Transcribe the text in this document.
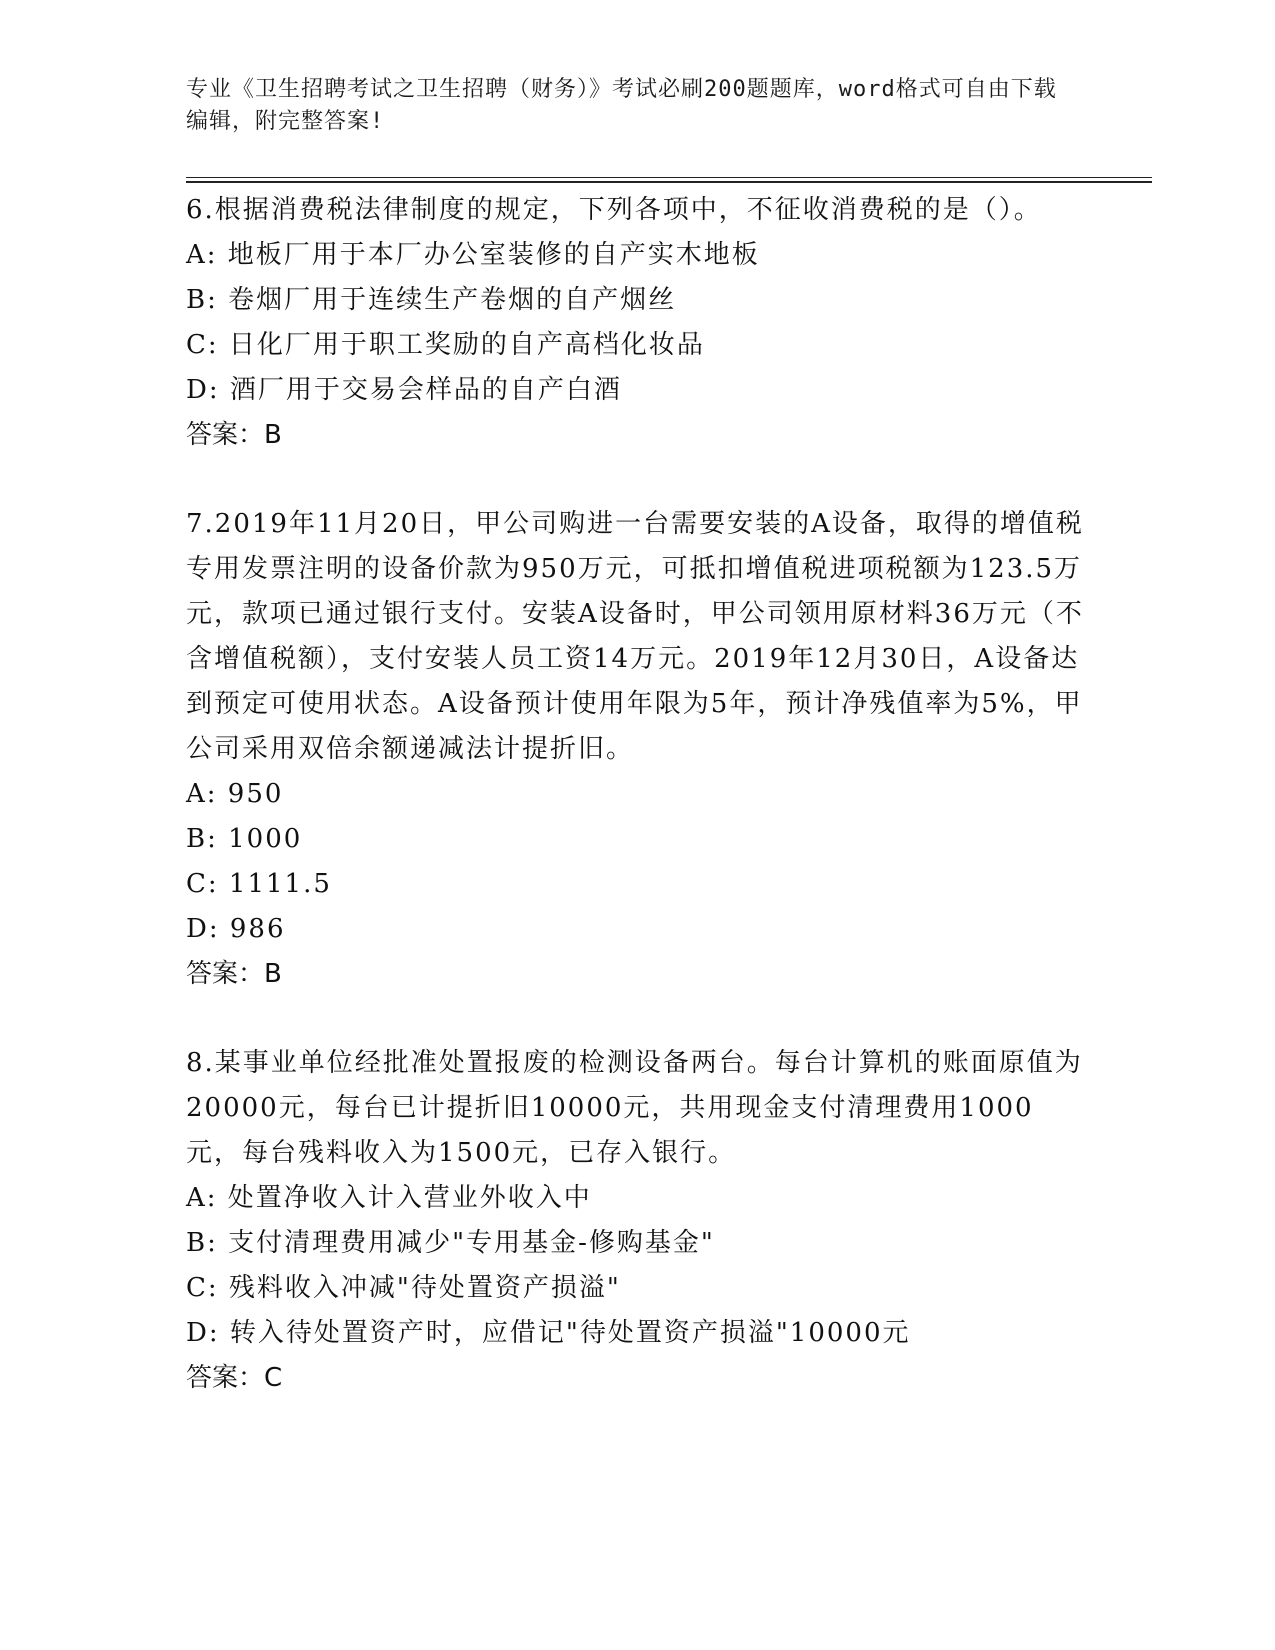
专业《卫生招聘考试之卫生招聘（财务）》考试必刷200题题库，word格式可自由下载编辑，附完整答案!

6.根据消费税法律制度的规定，下列各项中，不征收消费税的是（）。

A: 地板厂用于本厂办公室装修的自产实木地板

B: 卷烟厂用于连续生产卷烟的自产烟丝

C: 日化厂用于职工奖励的自产高档化妆品

D: 酒厂用于交易会样品的自产白酒

答案：B

7.2019年11月20日，甲公司购进一台需要安装的A设备，取得的增值税专用发票注明的设备价款为950万元，可抵扣增值税进项税额为123.5万元，款项已通过银行支付。安装A设备时，甲公司领用原材料36万元（不含增值税额），支付安装人员工资14万元。2019年12月30日，A设备达到预定可使用状态。A设备预计使用年限为5年，预计净残值率为5%，甲公司采用双倍余额递减法计提折旧。

A: 950

B: 1000

C: 1111.5

D: 986

答案：B

8.某事业单位经批准处置报废的检测设备两台。每台计算机的账面原值为20000元，每台已计提折旧10000元，共用现金支付清理费用1000元，每台残料收入为1500元，已存入银行。

A: 处置净收入计入营业外收入中

B: 支付清理费用减少"专用基金-修购基金"

C: 残料收入冲减"待处置资产损溢"

D: 转入待处置资产时，应借记"待处置资产损溢"10000元

答案：C
